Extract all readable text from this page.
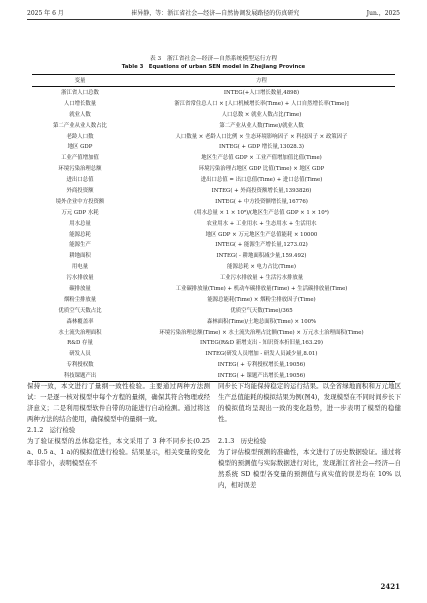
2025 年 6 月	崔异静，等：浙江省社会—经济—自然协调发展路径的仿真研究	Jun.，2025
表 3　浙江省社会—经济—自然系统模型运行方程
Table 3　Equations of urban SEN model in Zhejiang Province
变量	方程
浙江省人口总数	INTEG(+人口增长数量,4898)
人口增长数量	浙江省常住总人口 × [人口机械增长率(Time) + 人口自然增长率(Time)]
就业人数	人口总数 × 就业人数占比(Time)
第二产业从业人数占比	第二产业从业人数(Time)/就业人数
老龄人口数	人口数量 × 老龄人口比例 × 生态环境影响因子 × 科技因子 × 政策因子
地区 GDP	INTEG( + GDP 增长量,13028.3)
工业产值增加值	地区生产总值 GDP × 工业产值增加值比值(Time)
环境污染治理总额	环境污染治理占地区 GDP 比值(Time) × 地区 GDP
进出口总值	进出口总值 = 出口总值(Time) + 进口总值(Time)
外商投资额	INTEG( + 外商投资额增长量,1393826)
境外企业中方投资额	INTEG( + 中方投资额增长量,16776)
万元 GDP 水耗	(用水总量 × 1 × 10⁸)/(地区生产总值 GDP × 1 × 10⁴)
用水总量	农业用水 + 工业用水 + 生态用水 + 生活用水
能源总耗	地区 GDP × 万元地区生产总值能耗 × 10000
能源生产	INTEG( + 能源生产增长量,1273.02)
耕地面积	INTEG( - 耕地面积减少量,159.492)
用电量	能源总耗 × 电力占比(Time)
污水排放量	工业污水排放量 + 生活污水排放量
碳排放量	工业碳排放量(Time) + 机动车碳排放量(Time) + 生活碳排放量(Time)
烟粉尘排放量	能源总能耗(Time) × 烟粉尘排放因子(Time)
优质空气天数占比	优质空气天数(Time)/365
森林覆盖率	森林面积(Time)/土地总面积(Time) × 100%
水土流失治理面积	环境污染治理总额(Time) × 水土流失治理占比额(Time) × 万元水土治理面积(Time)
R&D 存量	INTEG(R&D 新增支出 - 知识资本折旧量,163.29)
研发人员	INTEG(研发人员增加 - 研发人员减少量,8.01)
专利授权数	INTEG( + 专利授权增长量,19056)
科技课题产出	INTEG( + 课题产出增长量,19056)
保持一致，本文进行了量纲一致性检验。主要通过两种方法测试：一是逐一核对模型中每个方程的量纲，确保其符合物理或经济意义；二是利用模型软件自带的功能进行自动检测。通过将这两种方法的结合使用，确保模型中的量纲一致。
2.1.2　运行检验
为了验证模型的总体稳定性，本文采用了 3 种不同步长(0.25 a、0.5 a、1 a)的模拟值进行检验。结果显示，相关变量的变化率非常小，表明模型在不
同步长下均能保持稳定的运行结果。以全省绿地面积和万元地区生产总值能耗的模拟结果为例(图4)，发现模型在不同时间步长下的模拟值均呈现出一致的变化趋势，进一步表明了模型的稳健性。
2.1.3　历史检验
为了评估模型预测的准确性，本文进行了历史数据验证。通过将模型的预测值与实际数据进行对比，发现浙江省社会—经济—自然系统 SD 模型各变量的预测值与真实值的误差均在 10% 以内，相对误差
2421
